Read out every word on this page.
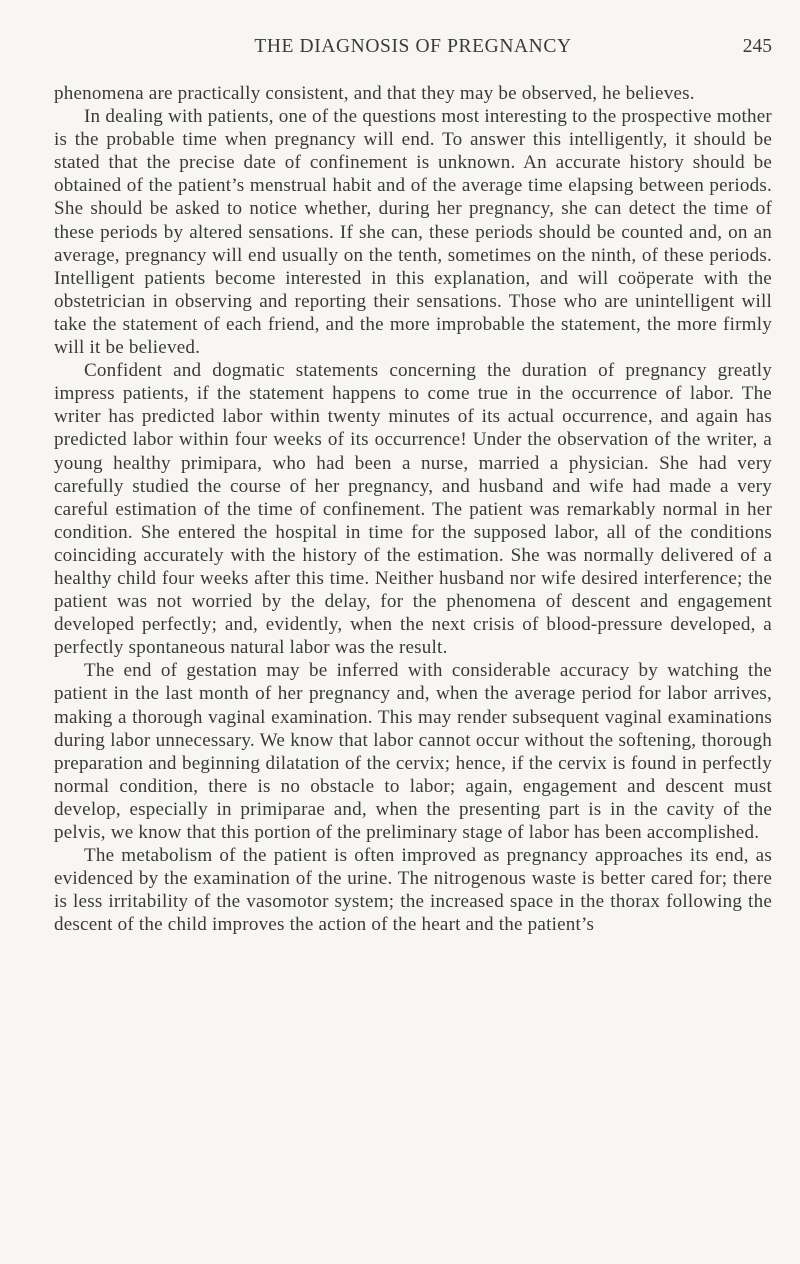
THE DIAGNOSIS OF PREGNANCY	245

phenomena are practically consistent, and that they may be observed, he believes.

In dealing with patients, one of the questions most interesting to the prospective mother is the probable time when pregnancy will end. To answer this intelligently, it should be stated that the precise date of confinement is unknown. An accurate history should be obtained of the patient’s menstrual habit and of the average time elapsing between periods. She should be asked to notice whether, during her pregnancy, she can detect the time of these periods by altered sensations. If she can, these periods should be counted and, on an average, pregnancy will end usually on the tenth, sometimes on the ninth, of these periods. Intelligent patients become interested in this explanation, and will coöperate with the obstetrician in observing and reporting their sensations. Those who are unintelligent will take the statement of each friend, and the more improbable the statement, the more firmly will it be believed.

Confident and dogmatic statements concerning the duration of pregnancy greatly impress patients, if the statement happens to come true in the occurrence of labor. The writer has predicted labor within twenty minutes of its actual occurrence, and again has predicted labor within four weeks of its occurrence! Under the observation of the writer, a young healthy primipara, who had been a nurse, married a physician. She had very carefully studied the course of her pregnancy, and husband and wife had made a very careful estimation of the time of confinement. The patient was remarkably normal in her condition. She entered the hospital in time for the supposed labor, all of the conditions coinciding accurately with the history of the estimation. She was normally delivered of a healthy child four weeks after this time. Neither husband nor wife desired interference; the patient was not worried by the delay, for the phenomena of descent and engagement developed perfectly; and, evidently, when the next crisis of blood-pressure developed, a perfectly spontaneous natural labor was the result.

The end of gestation may be inferred with considerable accuracy by watching the patient in the last month of her pregnancy and, when the average period for labor arrives, making a thorough vaginal examination. This may render subsequent vaginal examinations during labor unnecessary. We know that labor cannot occur without the softening, thorough preparation and beginning dilatation of the cervix; hence, if the cervix is found in perfectly normal condition, there is no obstacle to labor; again, engagement and descent must develop, especially in primiparae and, when the presenting part is in the cavity of the pelvis, we know that this portion of the preliminary stage of labor has been accomplished.

The metabolism of the patient is often improved as pregnancy approaches its end, as evidenced by the examination of the urine. The nitrogenous waste is better cared for; there is less irritability of the vasomotor system; the increased space in the thorax following the descent of the child improves the action of the heart and the patient’s
